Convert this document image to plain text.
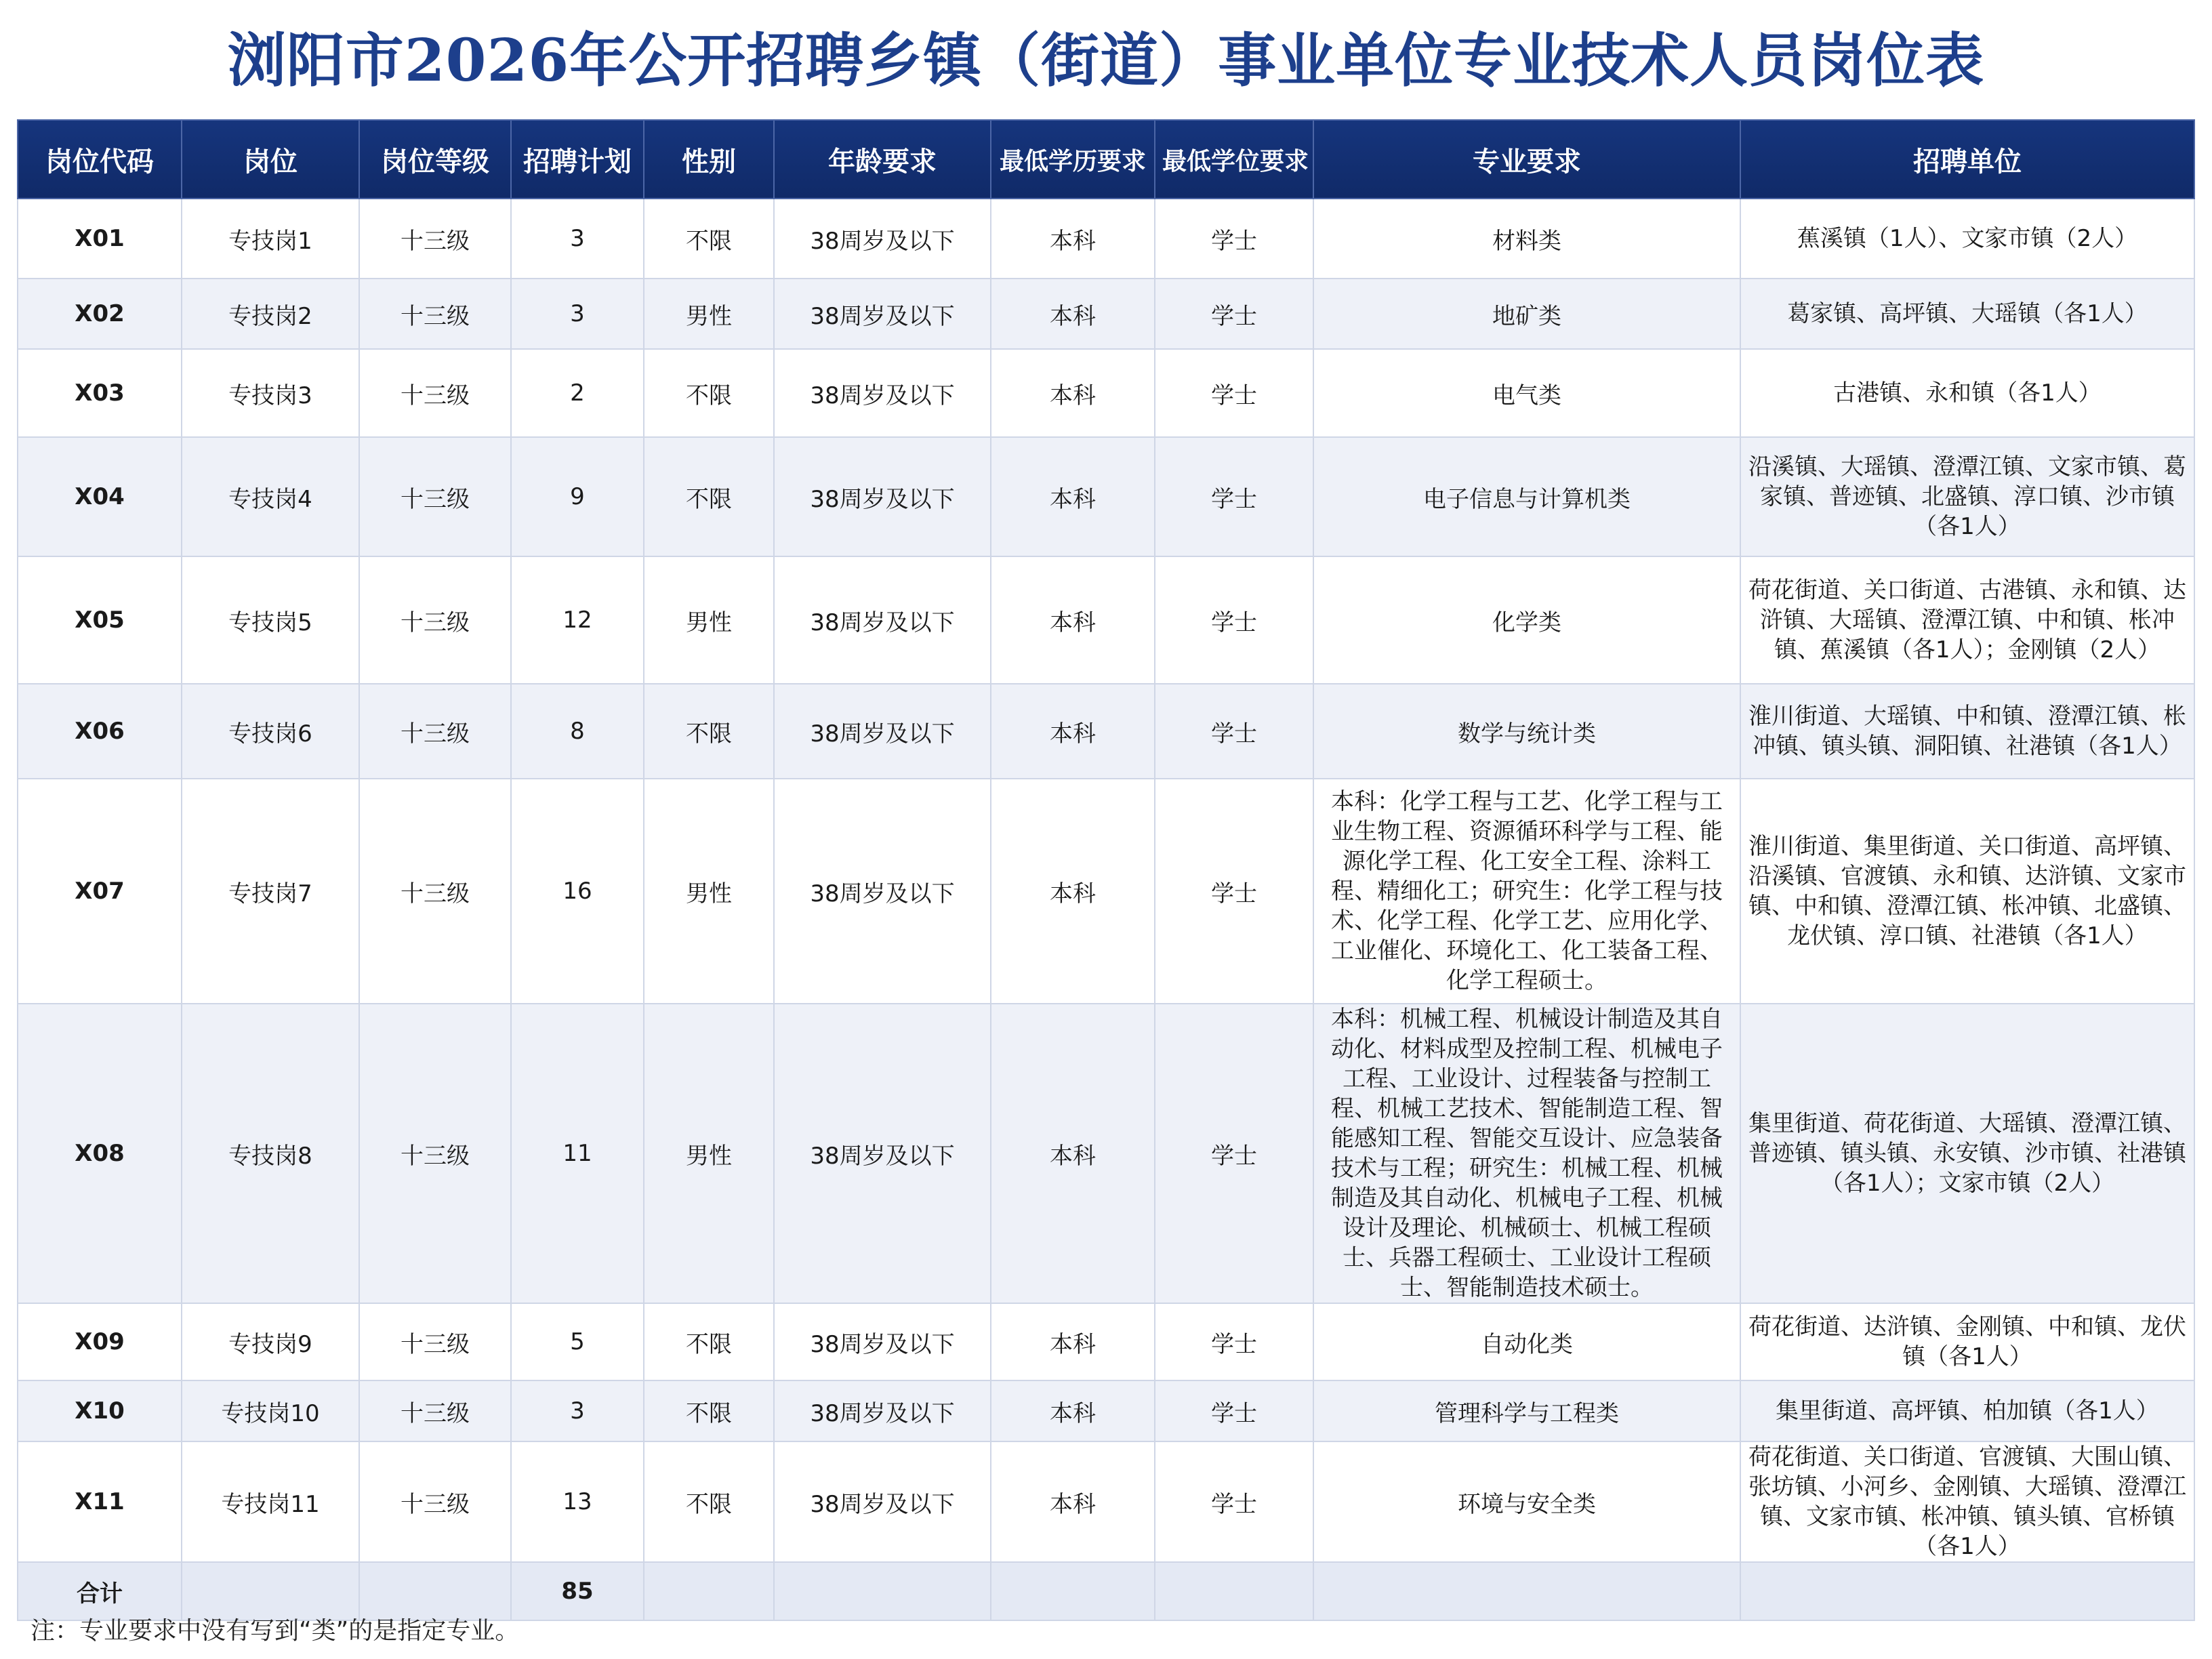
浏阳市2026年公开招聘乡镇（街道）事业单位专业技术人员岗位表
岗位代码	岗位	岗位等级	招聘计划	性别	年龄要求	最低学历要求	最低学位要求	专业要求	招聘单位
X01	专技岗1	十三级	3	不限	38周岁及以下	本科	学士	材料类	蕉溪镇（1人）、文家市镇（2人）
X02	专技岗2	十三级	3	男性	38周岁及以下	本科	学士	地矿类	葛家镇、高坪镇、大瑶镇（各1人）
X03	专技岗3	十三级	2	不限	38周岁及以下	本科	学士	电气类	古港镇、永和镇（各1人）
X04	专技岗4	十三级	9	不限	38周岁及以下	本科	学士	电子信息与计算机类	沿溪镇、大瑶镇、澄潭江镇、文家市镇、葛家镇、普迹镇、北盛镇、淳口镇、沙市镇（各1人）
X05	专技岗5	十三级	12	男性	38周岁及以下	本科	学士	化学类	荷花街道、关口街道、古港镇、永和镇、达浒镇、大瑶镇、澄潭江镇、中和镇、枨冲镇、蕉溪镇（各1人）；金刚镇（2人）
X06	专技岗6	十三级	8	不限	38周岁及以下	本科	学士	数学与统计类	淮川街道、大瑶镇、中和镇、澄潭江镇、枨冲镇、镇头镇、洞阳镇、社港镇（各1人）
X07	专技岗7	十三级	16	男性	38周岁及以下	本科	学士	本科：化学工程与工艺、化学工程与工业生物工程、资源循环科学与工程、能源化学工程、化工安全工程、涂料工程、精细化工；研究生：化学工程与技术、化学工程、化学工艺、应用化学、工业催化、环境化工、化工装备工程、化学工程硕士。	淮川街道、集里街道、关口街道、高坪镇、沿溪镇、官渡镇、永和镇、达浒镇、文家市镇、中和镇、澄潭江镇、枨冲镇、北盛镇、龙伏镇、淳口镇、社港镇（各1人）
X08	专技岗8	十三级	11	男性	38周岁及以下	本科	学士	本科：机械工程、机械设计制造及其自动化、材料成型及控制工程、机械电子工程、工业设计、过程装备与控制工程、机械工艺技术、智能制造工程、智能感知工程、智能交互设计、应急装备技术与工程；研究生：机械工程、机械制造及其自动化、机械电子工程、机械设计及理论、机械硕士、机械工程硕士、兵器工程硕士、工业设计工程硕士、智能制造技术硕士。	集里街道、荷花街道、大瑶镇、澄潭江镇、普迹镇、镇头镇、永安镇、沙市镇、社港镇（各1人）；文家市镇（2人）
X09	专技岗9	十三级	5	不限	38周岁及以下	本科	学士	自动化类	荷花街道、达浒镇、金刚镇、中和镇、龙伏镇（各1人）
X10	专技岗10	十三级	3	不限	38周岁及以下	本科	学士	管理科学与工程类	集里街道、高坪镇、柏加镇（各1人）
X11	专技岗11	十三级	13	不限	38周岁及以下	本科	学士	环境与安全类	荷花街道、关口街道、官渡镇、大围山镇、张坊镇、小河乡、金刚镇、大瑶镇、澄潭江镇、文家市镇、枨冲镇、镇头镇、官桥镇（各1人）
合计			85						
注：专业要求中没有写到“类”的是指定专业。
